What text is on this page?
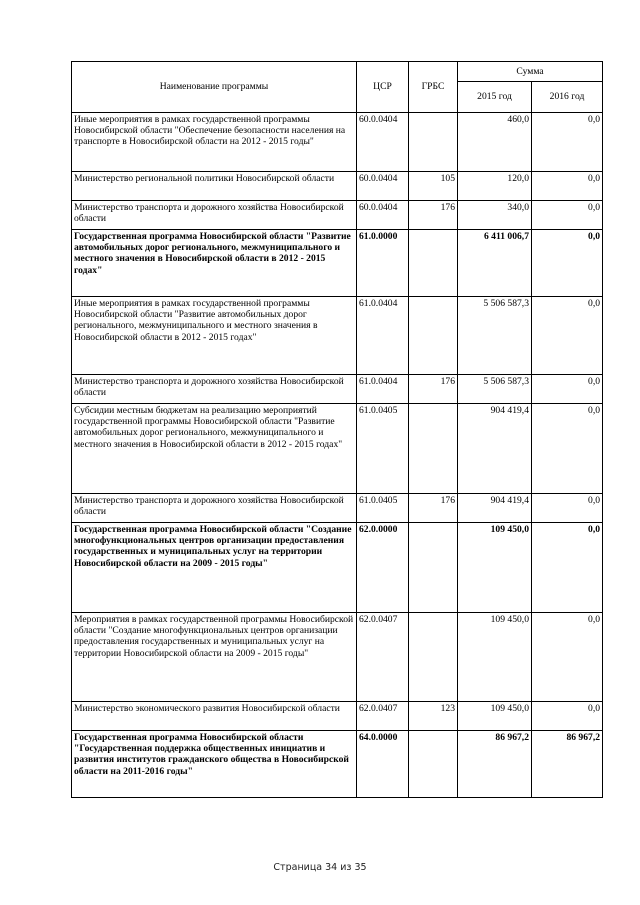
Наименование программы	ЦСР	ГРБС	Сумма	
			2015 год	2016 год
Иные мероприятия в рамках государственной программы Новосибирской области "Обеспечение безопасности населения на транспорте в Новосибирской области на 2012 - 2015 годы"	60.0.0404		460,0	0,0
Министерство региональной политики Новосибирской области	60.0.0404	105	120,0	0,0
Министерство транспорта и дорожного хозяйства Новосибирской области	60.0.0404	176	340,0	0,0
Государственная программа Новосибирской области "Развитие автомобильных дорог регионального, межмуниципального и местного значения в Новосибирской области в 2012 - 2015 годах"	61.0.0000		6 411 006,7	0,0
Иные мероприятия в рамках государственной программы Новосибирской области "Развитие автомобильных дорог регионального, межмуниципального и местного значения в Новосибирской области в 2012 - 2015 годах"	61.0.0404		5 506 587,3	0,0
Министерство транспорта и дорожного хозяйства Новосибирской области	61.0.0404	176	5 506 587,3	0,0
Субсидии местным бюджетам на реализацию мероприятий государственной программы Новосибирской области "Развитие автомобильных дорог регионального, межмуниципального и местного значения в Новосибирской области в 2012 - 2015 годах"	61.0.0405		904 419,4	0,0
Министерство транспорта и дорожного хозяйства Новосибирской области	61.0.0405	176	904 419,4	0,0
Государственная программа Новосибирской области "Создание многофункциональных центров организации предоставления государственных и муниципальных услуг на территории Новосибирской области на 2009 - 2015 годы"	62.0.0000		109 450,0	0,0
Мероприятия в рамках государственной программы Новосибирской области "Создание многофункциональных центров организации предоставления государственных и муниципальных услуг на территории Новосибирской области на 2009 - 2015 годы"	62.0.0407		109 450,0	0,0
Министерство экономического развития Новосибирской области	62.0.0407	123	109 450,0	0,0
Государственная программа Новосибирской области "Государственная поддержка общественных инициатив и развития институтов гражданского общества в Новосибирской области на 2011-2016 годы"	64.0.0000		86 967,2	86 967,2
Страница 34 из 35
